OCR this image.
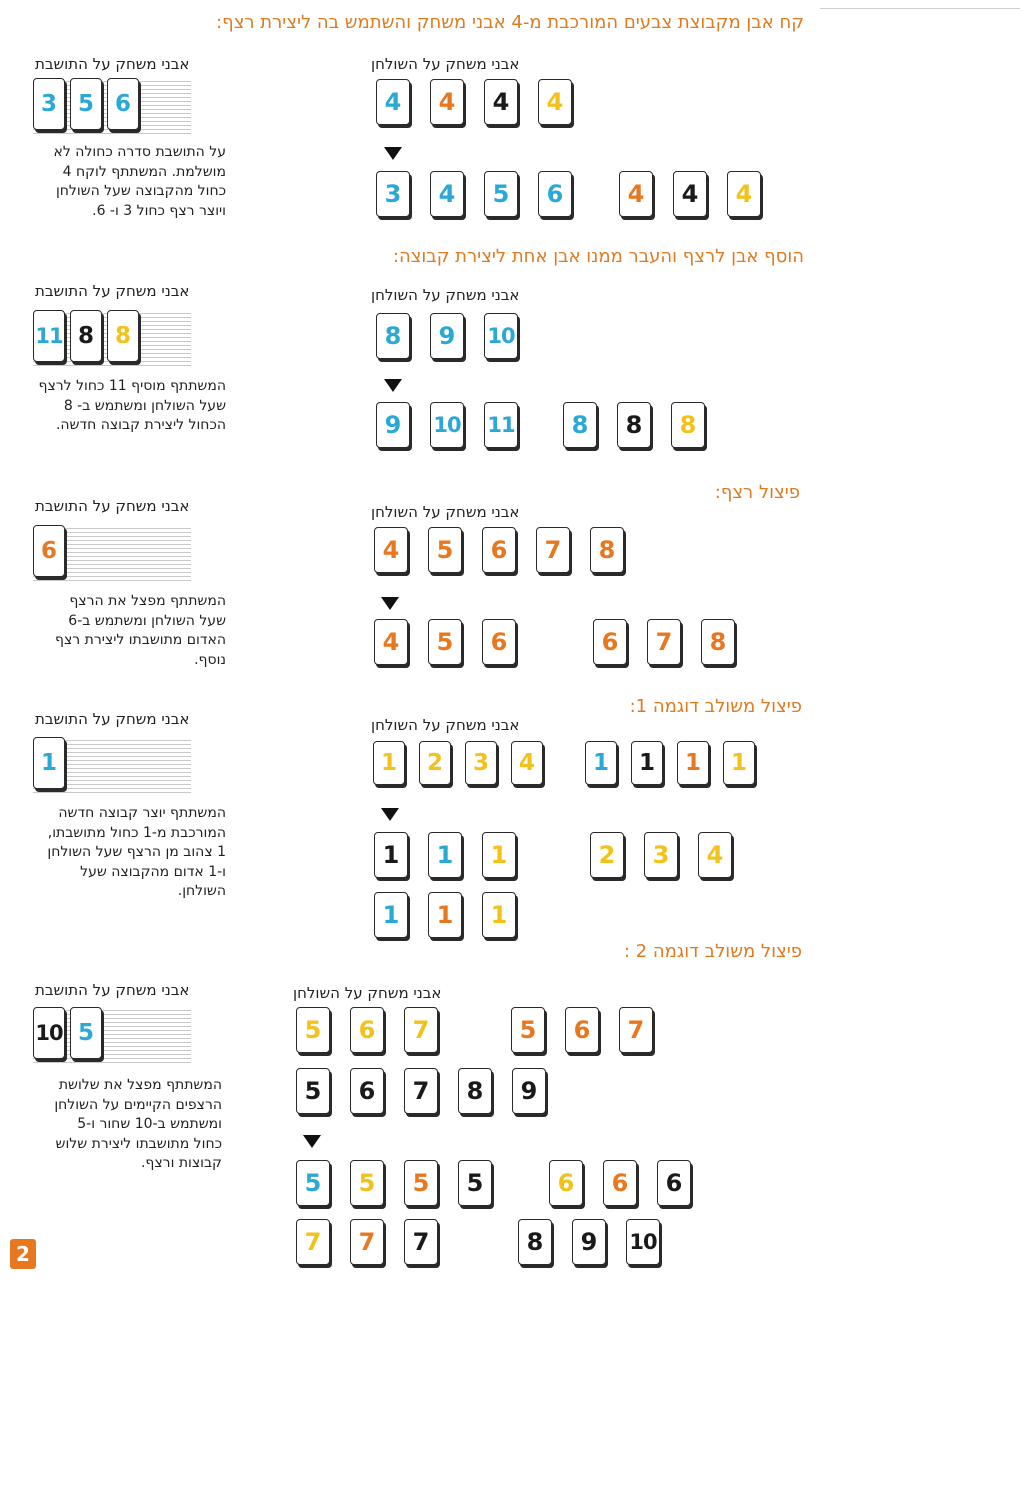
קח אבן מקבוצת צבעים המורכבת מ-4 אבני משחק והשתמש בה ליצירת רצף:
אבני משחק על התושבת	אבני משחק על השולחן
3 5 6
על התושבת סדרה כחולה לא
מושלמת. המשתתף לוקח 4
כחול מהקבוצה שעל השולחן
ויוצר רצף כחול 3 ו- 6.
4	4	4	4
3	4	5	6	4	4	4
הוסף אבן לרצף והעבר ממנו אבן אחת ליצירת קבוצה:
אבני משחק על התושבת	אבני משחק על השולחן
11 8 8
המשתתף מוסיף 11 כחול לרצף
שעל השולחן ומשתמש ב- 8
הכחול ליצירת קבוצה חדשה.
8	9	10
9	10 11	8	8	8
פיצול רצף:
אבני משחק על התושבת	אבני משחק על השולחן
6
המשתתף מפצל את הרצף
שעל השולחן ומשתמש ב-6
האדום מתושבתו ליצירת רצף
נוסף.
4	5	6	7	8
4	5	6	6	7	8
פיצול משולב דוגמה 1:
אבני משחק על התושבת	אבני משחק על השולחן
1
המשתתף יוצר קבוצה חדשה
המורכבת מ-1 כחול מתושבתו,
1 צהוב מן הרצף שעל השולחן
ו-1 אדום מהקבוצה שעל השולחן.
1	2	3	4	1	1	1	1
1	1	1	2	3	4
1	1	1
פיצול משולב דוגמה 2 :
אבני משחק על התושבת	אבני משחק על השולחן
10 5
המשתתף מפצל את שלושת
הרצפים הקיימים על השולחן
ומשתמש ב-10 שחור ו-5
כחול מתושבתו ליצירת שלוש
קבוצות ורצף.
5	6	7	5	6	7
5	6	7	8	9
5	5	5	5	6	6	6
7	7	7	8	9	10
2
